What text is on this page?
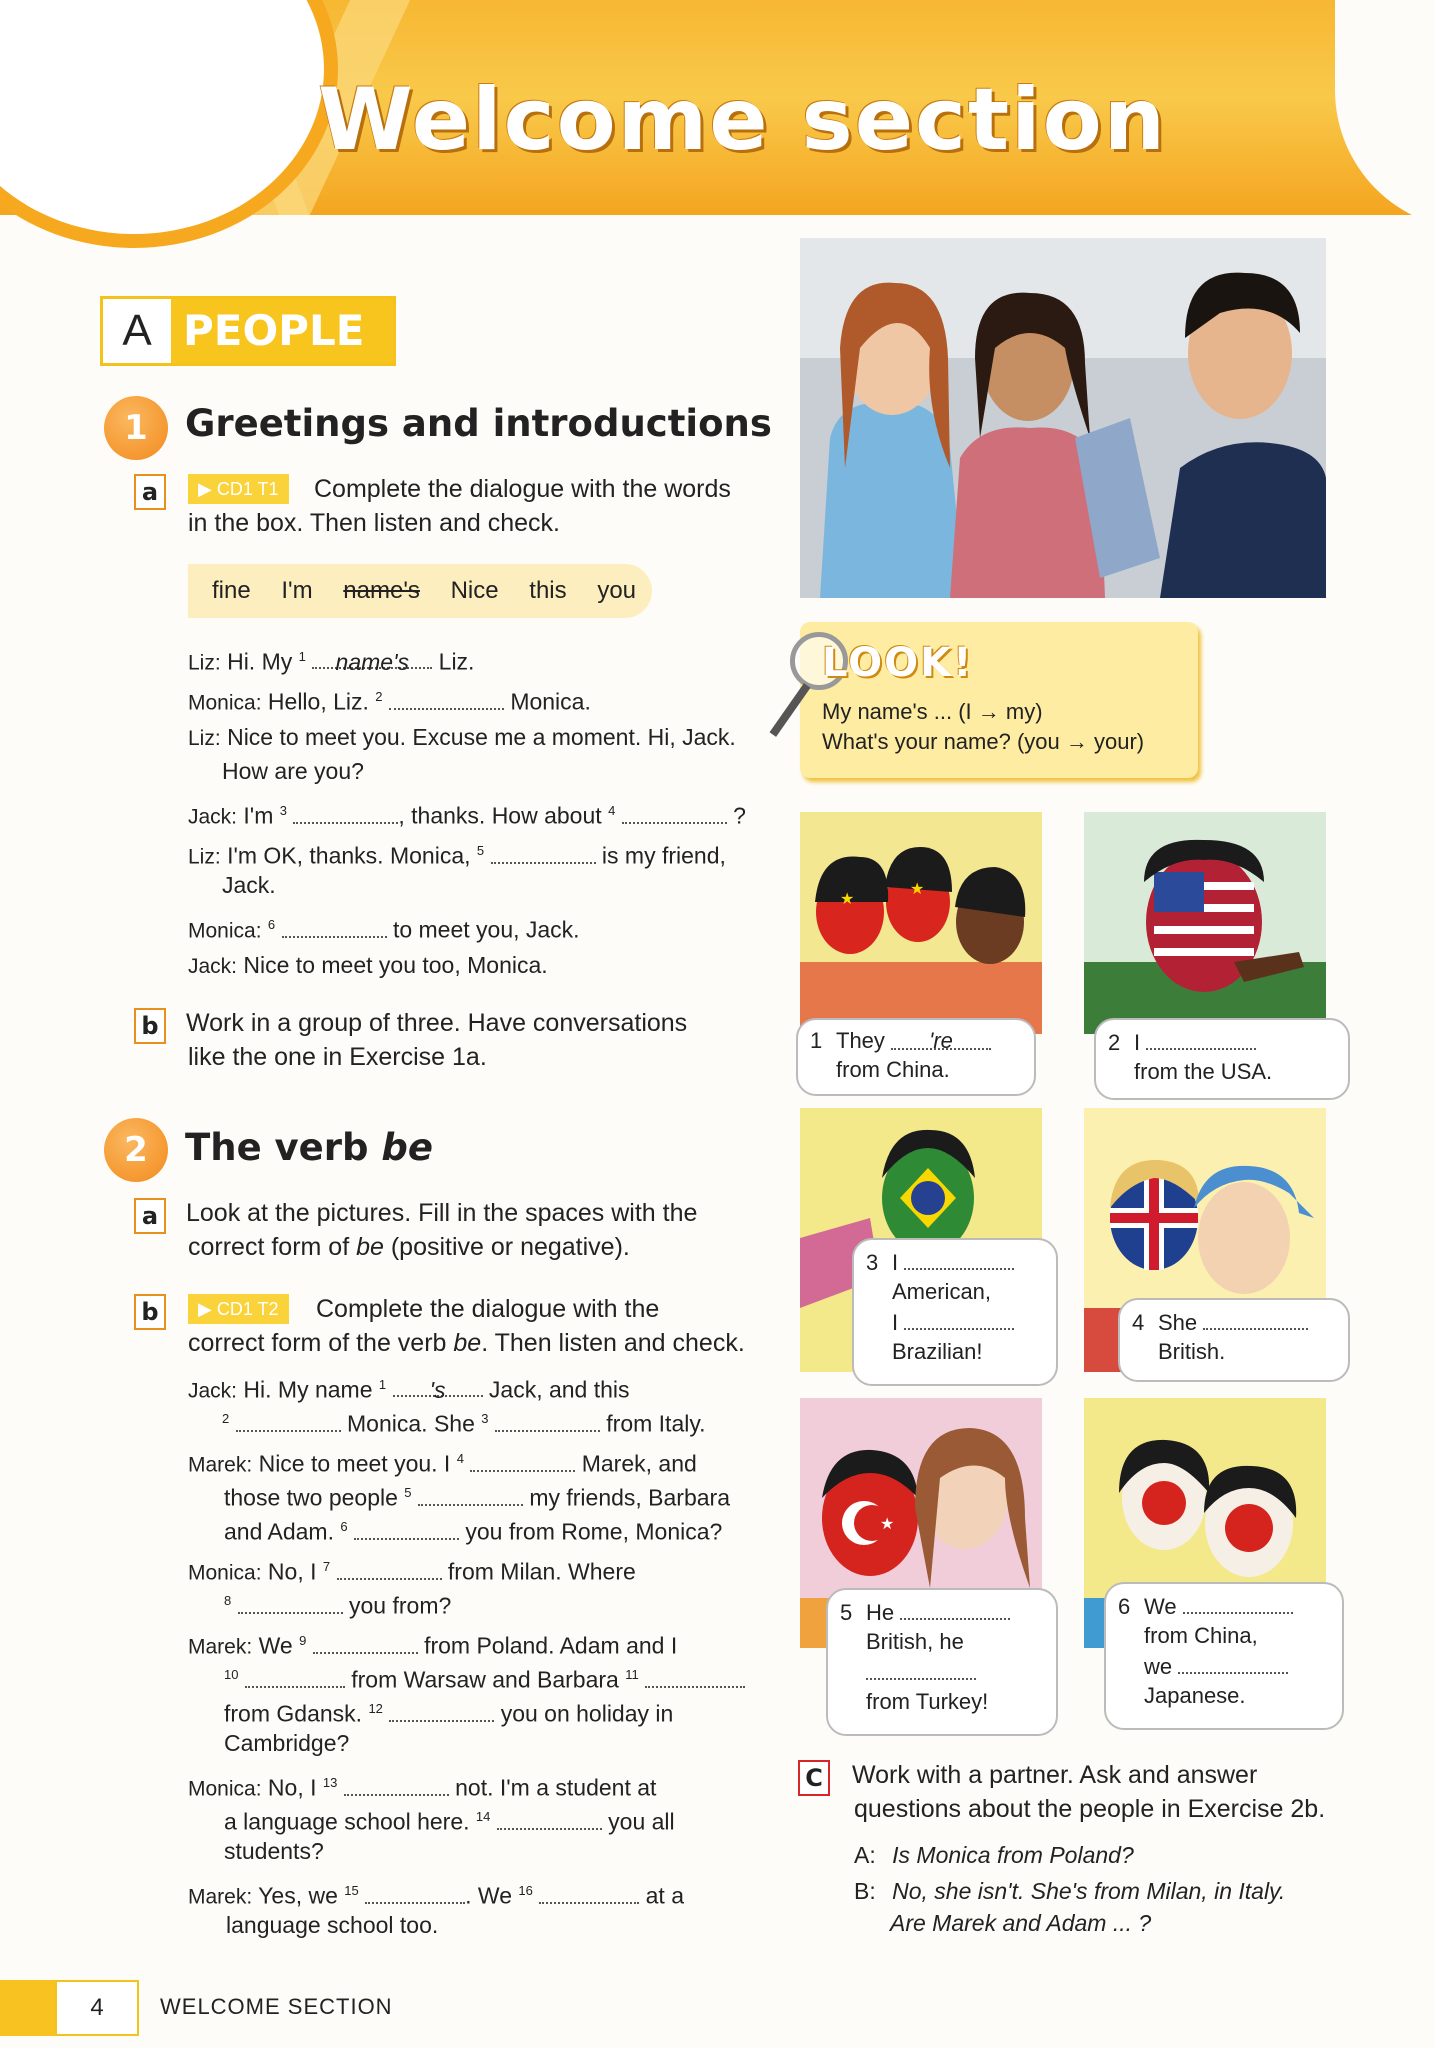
Welcome section
A PEOPLE
1	Greetings and introductions
a	▶ CD1 T1	Complete the dialogue with the words
in the box. Then listen and check.
fine I'm name's Nice this you
Liz: Hi. My $^1$ name's Liz.
Monica: Hello, Liz. $^2$	Monica.
Liz: Nice to meet you. Excuse me a moment. Hi, Jack.
How are you?
Jack: I'm $^3$	, thanks. How about $^4$	?
Liz: I'm OK, thanks. Monica, $^5$	is my friend,
Jack.
Monica: $^6$	to meet you, Jack.
Jack: Nice to meet you too, Monica.
b Work in a group of three. Have conversations
like the one in Exercise 1a.
2	The verb be
a	Look at the pictures. Fill in the spaces with the
correct form of be (positive or negative).
b	▶ CD1 T2	Complete the dialogue with the
correct form of the verb be. Then listen and check.
Jack: Hi. My name $^1$ 's Jack, and this
$^2$	Monica. She $^3$	from Italy.
Marek: Nice to meet you. I $^4$	Marek, and
those two people $^5$	my friends, Barbara
and Adam. $^6$	you from Rome, Monica?
Monica: No, I $^7$	from Milan. Where
$^8$	you from?
Marek: We $^9$	from Poland. Adam and I
$^{10}$	from Warsaw and Barbara $^{11}$
from Gdansk. $^{12}$	you on holiday in
Cambridge?
Monica: No, I $^{13}$	not. I'm a student at
a language school here. $^{14}$	you all
students?
Marek: Yes, we $^{15}$	. We $^{16}$	at a
language school too.
LOOK!
My name's ... (I → my)
What's your name? (you → your)
★
★
1 They 're
from China.
2 I
from the USA.
3 I
American,
I
Brazilian!
4 She
British.
★
5 He
British, he

from Turkey!
6 We
from China,
we
Japanese.
C Work with a partner. Ask and answer
questions about the people in Exercise 2b.
A: Is Monica from Poland?
B: No, she isn't. She's from Milan, in Italy.
Are Marek and Adam ... ?
4	WELCOME SECTION
